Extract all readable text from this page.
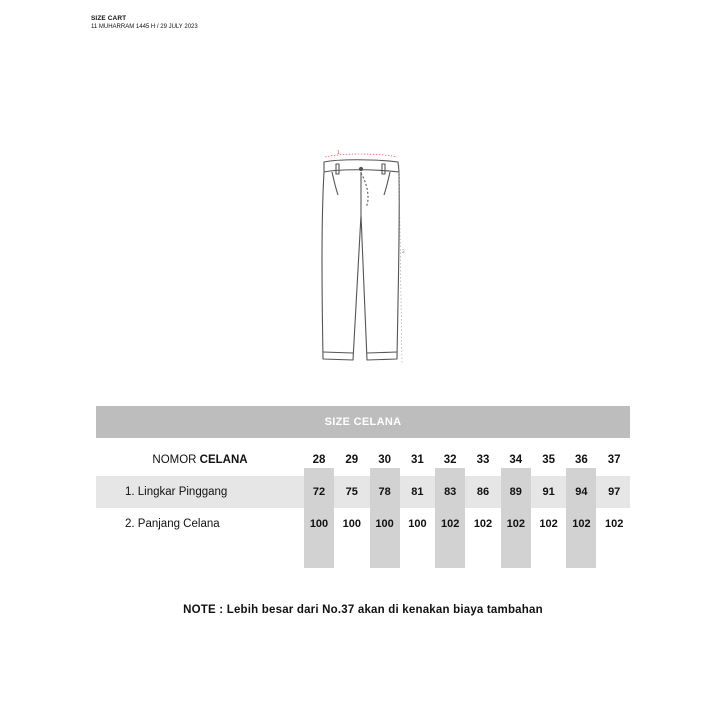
SIZE CART
11 MUHARRAM 1445 H / 29 JULY 2023
1
2
SIZE CELANA
NOMOR CELANA	28	29	30	31	32	33	34	35	36	37
1. Lingkar Pinggang	72	75	78	81	83	86	89	91	94	97
2. Panjang Celana	100	100	100	100	102	102	102	102	102	102
NOTE : Lebih besar dari No.37 akan di kenakan biaya tambahan
